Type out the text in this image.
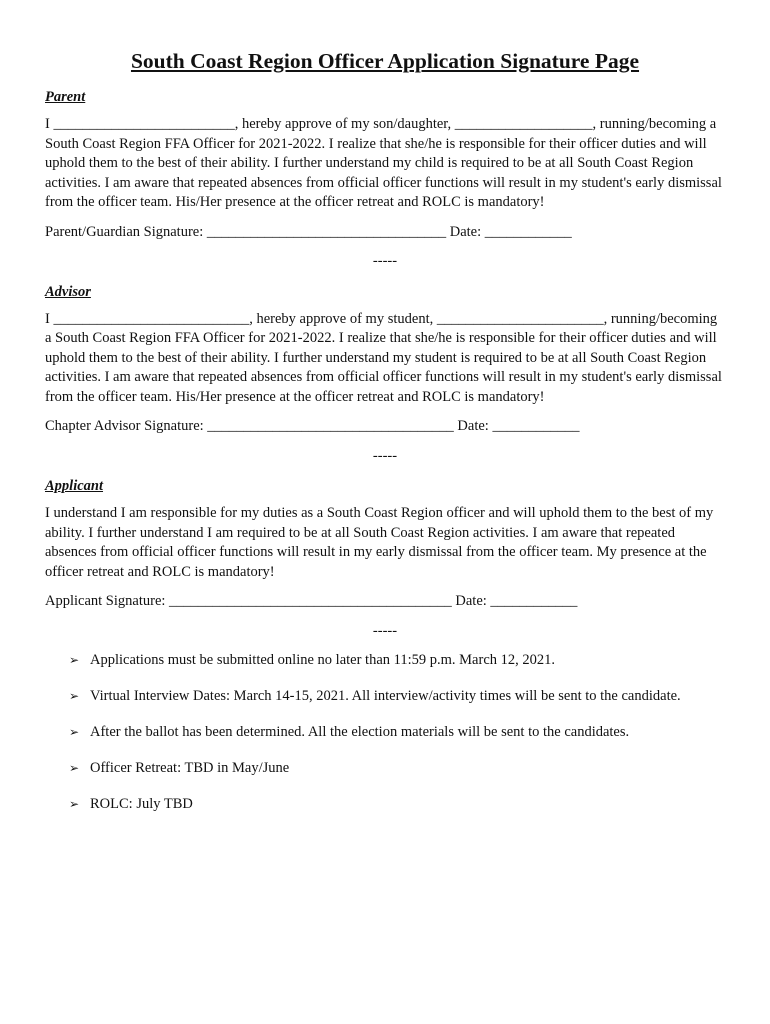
South Coast Region Officer Application Signature Page
Parent

I _________________________, hereby approve of my son/daughter, ___________________, running/becoming a South Coast Region FFA Officer for 2021-2022. I realize that she/he is responsible for their officer duties and will uphold them to the best of their ability. I further understand my child is required to be at all South Coast Region activities. I am aware that repeated absences from official officer functions will result in my student's early dismissal from the officer team. His/Her presence at the officer retreat and ROLC is mandatory!

Parent/Guardian Signature: _________________________________ Date: ____________
-----
Advisor

I ___________________________, hereby approve of my student, _______________________, running/becoming a South Coast Region FFA Officer for 2021-2022. I realize that she/he is responsible for their officer duties and will uphold them to the best of their ability. I further understand my student is required to be at all South Coast Region activities. I am aware that repeated absences from official officer functions will result in my student's early dismissal from the officer team. His/Her presence at the officer retreat and ROLC is mandatory!

Chapter Advisor Signature: __________________________________ Date: ____________
-----
Applicant

I understand I am responsible for my duties as a South Coast Region officer and will uphold them to the best of my ability. I further understand I am required to be at all South Coast Region activities. I am aware that repeated absences from official officer functions will result in my early dismissal from the officer team. My presence at the officer retreat and ROLC is mandatory!

Applicant Signature: _______________________________________ Date: ____________
-----
➢ Applications must be submitted online no later than 11:59 p.m. March 12, 2021.
➢ Virtual Interview Dates: March 14-15, 2021. All interview/activity times will be sent to the candidate.
➢ After the ballot has been determined. All the election materials will be sent to the candidates.
➢ Officer Retreat: TBD in May/June
➢ ROLC: July TBD
